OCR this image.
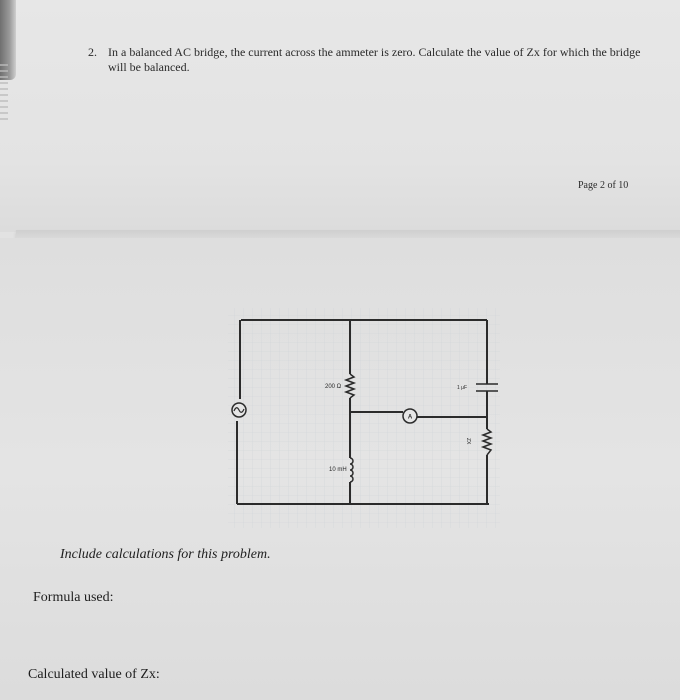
2. In a balanced AC bridge, the current across the ammeter is zero. Calculate the value of Zx for which the bridge will be balanced.
Page 2 of 10
200 Ω
10 mH
A
1 μF
ZX
Include calculations for this problem.
Formula used:
Calculated value of Zx:
